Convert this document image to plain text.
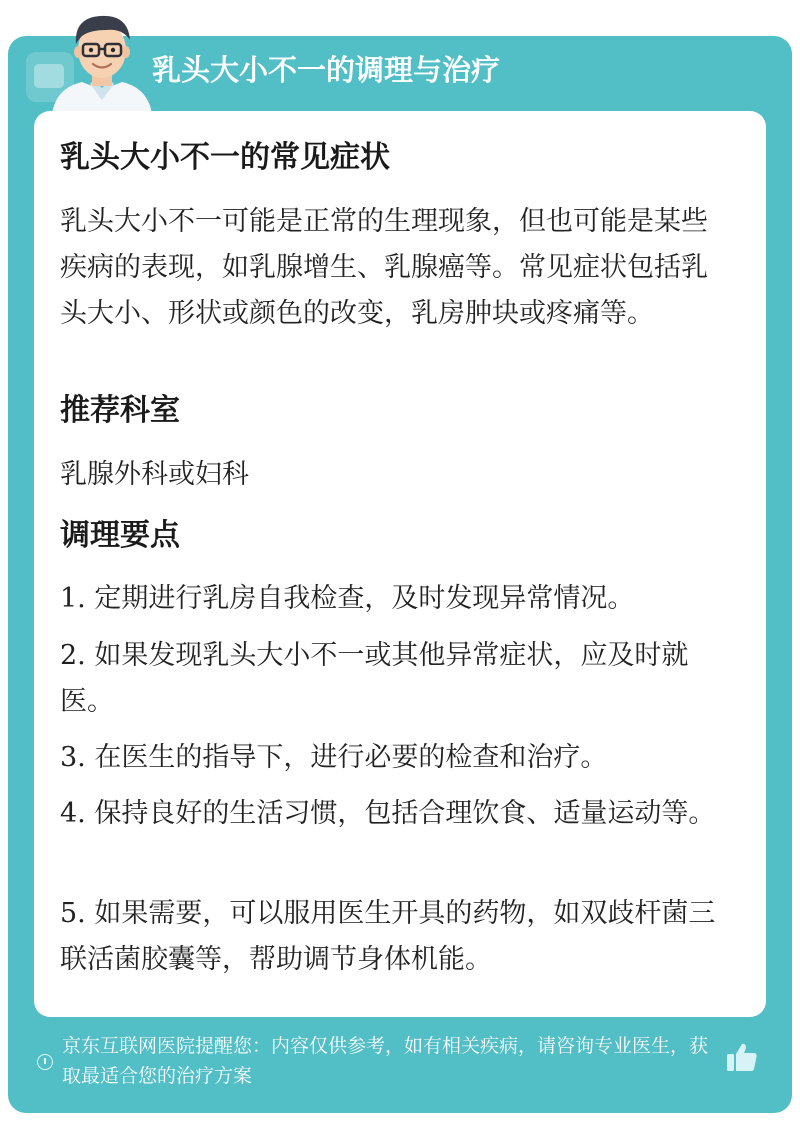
乳头大小不一的调理与治疗
乳头大小不一的常见症状

乳头大小不一可能是正常的生理现象，但也可能是某些疾病的表现，如乳腺增生、乳腺癌等。常见症状包括乳头大小、形状或颜色的改变，乳房肿块或疼痛等。

推荐科室

乳腺外科或妇科

调理要点

1. 定期进行乳房自我检查，及时发现异常情况。

2. 如果发现乳头大小不一或其他异常症状，应及时就医。

3. 在医生的指导下，进行必要的检查和治疗。

4. 保持良好的生活习惯，包括合理饮食、适量运动等。

5. 如果需要，可以服用医生开具的药物，如双歧杆菌三联活菌胶囊等，帮助调节身体机能。

京东互联网医院提醒您：内容仅供参考，如有相关疾病，请咨询专业医生，获取最适合您的治疗方案
